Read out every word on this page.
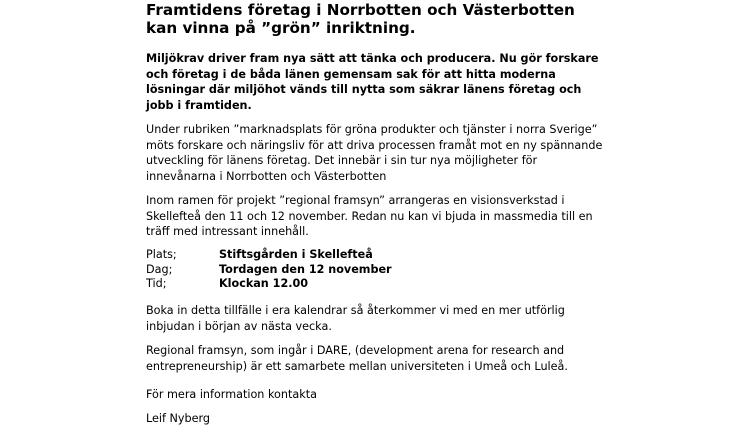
Framtidens företag i Norrbotten och Västerbotten kan vinna på ”grön” inriktning.

Miljökrav driver fram nya sätt att tänka och producera. Nu gör forskare och företag i de båda länen gemensam sak för att hitta moderna lösningar där miljöhot vänds till nytta som säkrar länens företag och jobb i framtiden.

Under rubriken ”marknadsplats för gröna produkter och tjänster i norra Sverige” möts forskare och näringsliv för att driva processen framåt mot en ny spännande utveckling för länens företag. Det innebär i sin tur nya möjligheter för innevånarna i Norrbotten och Västerbotten

Inom ramen för projekt ”regional framsyn” arrangeras en visionsverkstad i Skellefteå den 11 och 12 november. Redan nu kan vi bjuda in massmedia till en träff med intressant innehåll.

Plats;	Stiftsgården i Skellefteå
Dag;	Tordagen den 12 november
Tid;	Klockan 12.00

Boka in detta tillfälle i era kalendrar så återkommer vi med en mer utförlig inbjudan i början av nästa vecka.

Regional framsyn, som ingår i DARE, (development arena for research and entrepreneurship) är ett samarbete mellan universiteten i Umeå och Luleå.

För mera information kontakta

Leif Nyberg
